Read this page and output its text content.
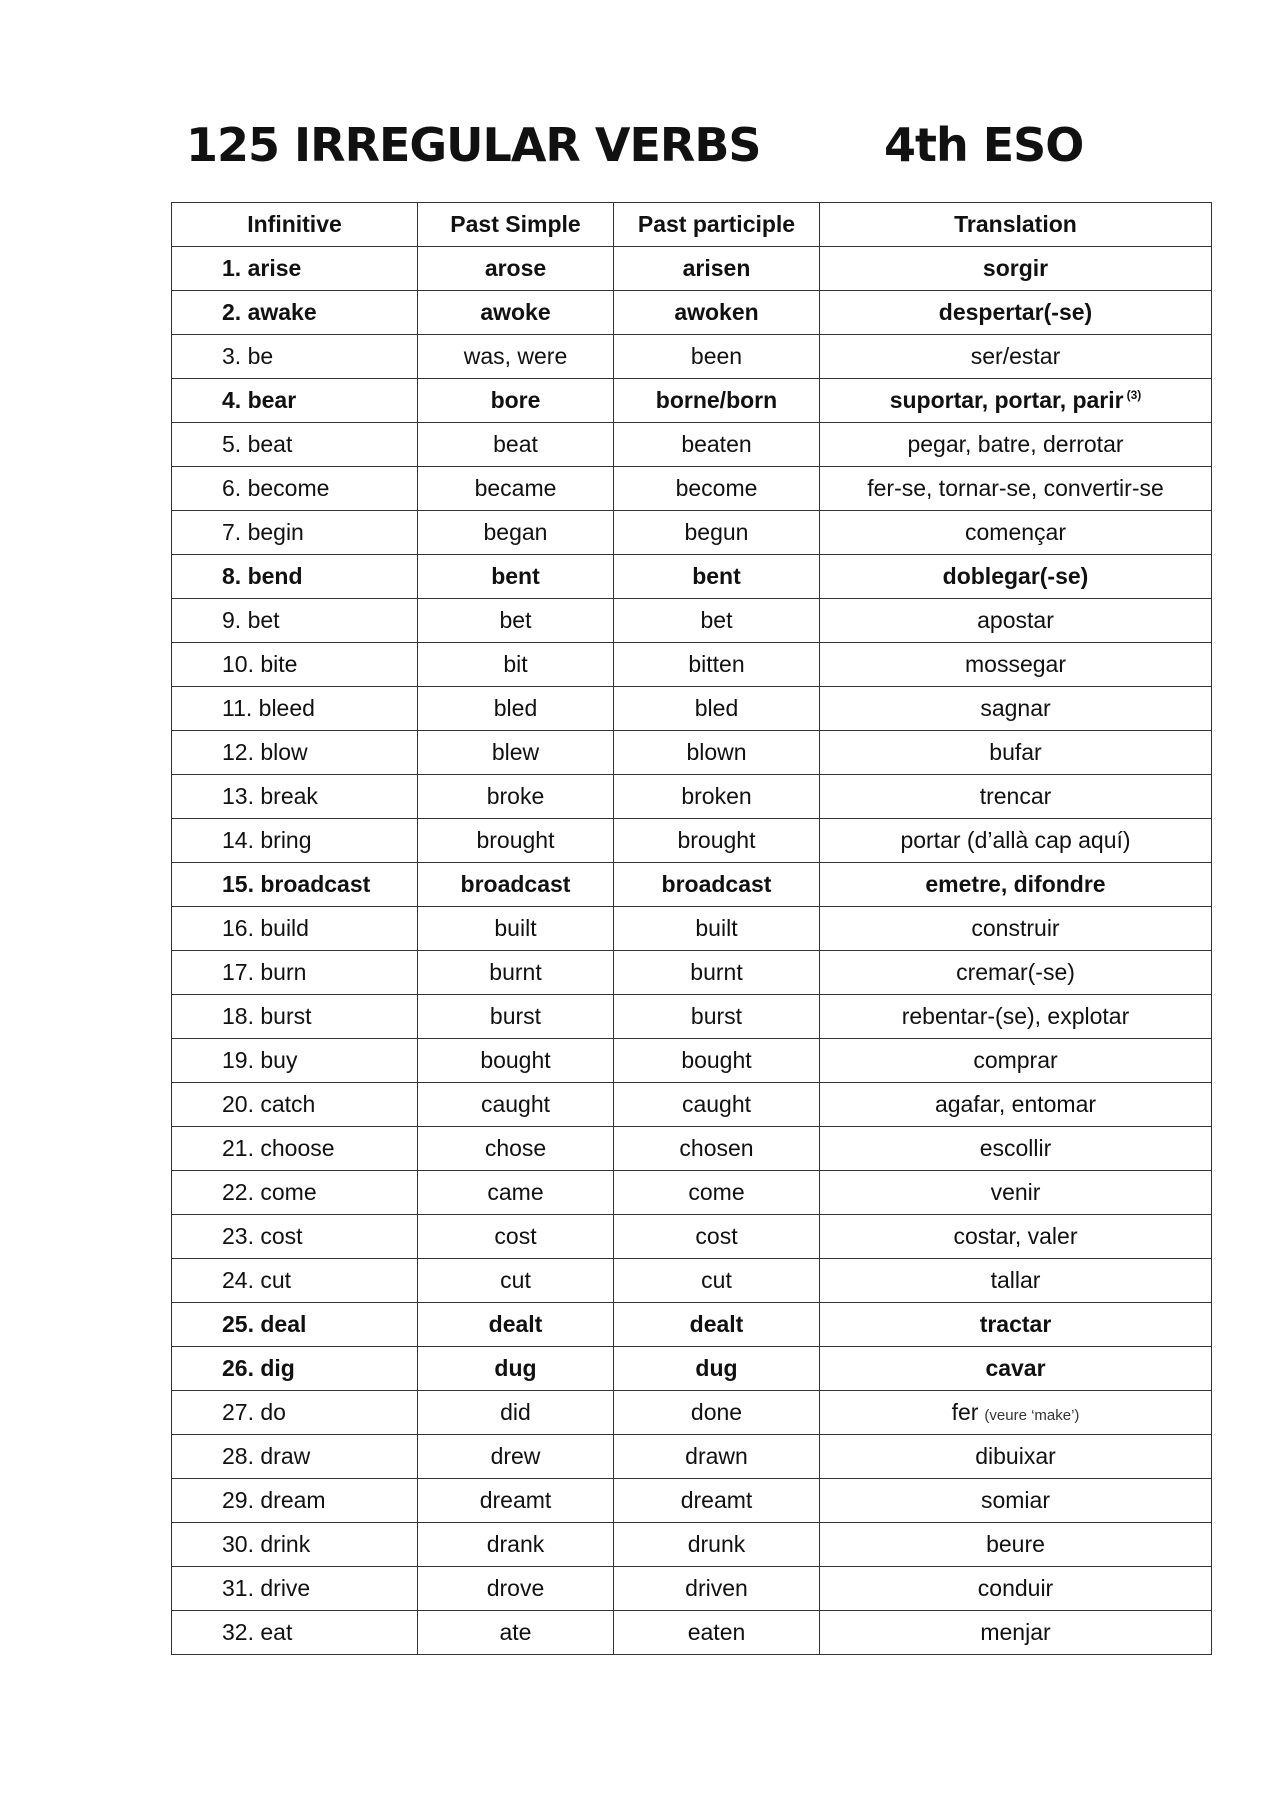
125 IRREGULAR VERBS	4th ESO
Infinitive	Past Simple	Past participle	Translation
1. arise	arose	arisen	sorgir
2. awake	awoke	awoken	despertar(-se)
3. be	was, were	been	ser/estar
4. bear	bore	borne/born	suportar, portar, parir $^{(3)}$
5. beat	beat	beaten	pegar, batre, derrotar
6. become	became	become	fer-se, tornar-se, convertir-se
7. begin	began	begun	començar
8. bend	bent	bent	doblegar(-se)
9. bet	bet	bet	apostar
10. bite	bit	bitten	mossegar
11. bleed	bled	bled	sagnar
12. blow	blew	blown	bufar
13. break	broke	broken	trencar
14. bring	brought	brought	portar (d’allà cap aquí)
15. broadcast	broadcast	broadcast	emetre, difondre
16. build	built	built	construir
17. burn	burnt	burnt	cremar(-se)
18. burst	burst	burst	rebentar-(se), explotar
19. buy	bought	bought	comprar
20. catch	caught	caught	agafar, entomar
21. choose	chose	chosen	escollir
22. come	came	come	venir
23. cost	cost	cost	costar, valer
24. cut	cut	cut	tallar
25. deal	dealt	dealt	tractar
26. dig	dug	dug	cavar
27. do	did	done	fer (veure ‘make’)
28. draw	drew	drawn	dibuixar
29. dream	dreamt	dreamt	somiar
30. drink	drank	drunk	beure
31. drive	drove	driven	conduir
32. eat	ate	eaten	menjar
